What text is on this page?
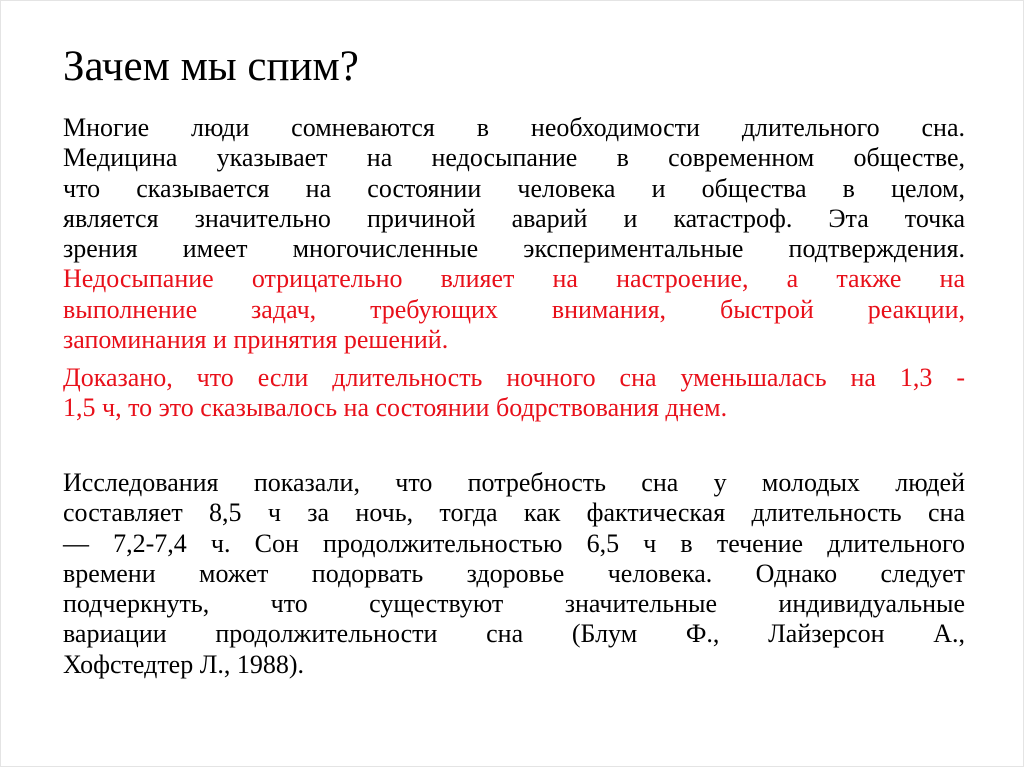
Зачем мы спим?
Многие люди сомневаются в необходимости длительного сна.
Медицина указывает на недосыпание в современном обществе,
что сказывается на состоянии человека и общества в целом,
является значительно причиной аварий и катастроф. Эта точка
зрения имеет многочисленные экспериментальные подтверждения.
Недосыпание отрицательно влияет на настроение, а также на
выполнение задач, требующих внимания, быстрой реакции,
запоминания и принятия решений.
Доказано, что если длительность ночного сна уменьшалась на 1,3 -
1,5 ч, то это сказывалось на состоянии бодрствования днем.
Исследования показали, что потребность сна у молодых людей
составляет 8,5 ч за ночь, тогда как фактическая длительность сна
— 7,2-7,4 ч. Сон продолжительностью 6,5 ч в течение длительного
времени может подорвать здоровье человека. Однако следует
подчеркнуть, что существуют значительные индивидуальные
вариации продолжительности сна (Блум Ф., Лайзерсон А.,
Хофстедтер Л., 1988).
